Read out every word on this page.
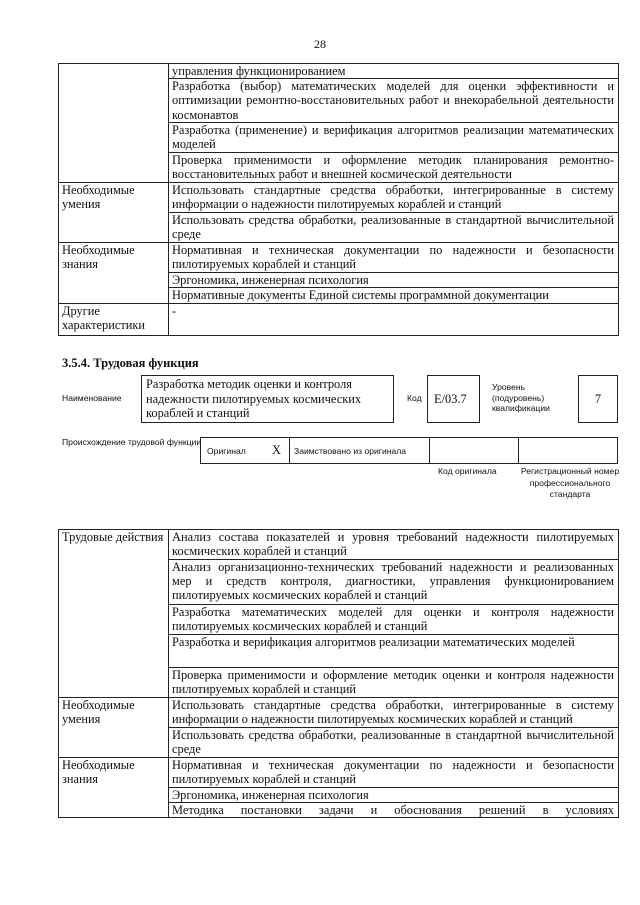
28
	управления функционированием
	Разработка (выбор) математических моделей для оценки эффективности и оптимизации ремонтно-восстановительных работ и внекорабельной деятельности космонавтов
	Разработка (применение) и верификация алгоритмов реализации математических моделей
	Проверка применимости и оформление методик планирования ремонтно-восстановительных работ и внешней космической деятельности
Необходимые умения	Использовать стандартные средства обработки, интегрированные в систему информации о надежности пилотируемых кораблей и станций
	Использовать средства обработки, реализованные в стандартной вычислительной среде
Необходимые знания	Нормативная и техническая документации по надежности и безопасности пилотируемых кораблей и станций
	Эргономика, инженерная психология
	Нормативные документы Единой системы программной документации
Другие характеристики	-
3.5.4. Трудовая функция
Наименование
Разработка методик оценки и контроля надежности пилотируемых космических кораблей и станций
Код E/03.7
Уровень (подуровень) квалификации
7
Происхождение трудовой функции
Оригинал X Заимствовано из оригинала
Код оригинала	Регистрационный номер профессионального стандарта
Трудовые действия	Анализ состава показателей и уровня требований надежности пилотируемых космических кораблей и станций
	Анализ организационно-технических требований надежности и реализованных мер и средств контроля, диагностики, управления функционированием пилотируемых космических кораблей и станций
	Разработка математических моделей для оценки и контроля надежности пилотируемых космических кораблей и станций
	Разработка и верификация алгоритмов реализации математических моделей
	Проверка применимости и оформление методик оценки и контроля надежности пилотируемых кораблей и станций
Необходимые умения	Использовать стандартные средства обработки, интегрированные в систему информации о надежности пилотируемых космических кораблей и станций
	Использовать средства обработки, реализованные в стандартной вычислительной среде
Необходимые знания	Нормативная и техническая документации по надежности и безопасности пилотируемых кораблей и станций
	Эргономика, инженерная психология
	Методика постановки задачи и обоснования решений в условиях
